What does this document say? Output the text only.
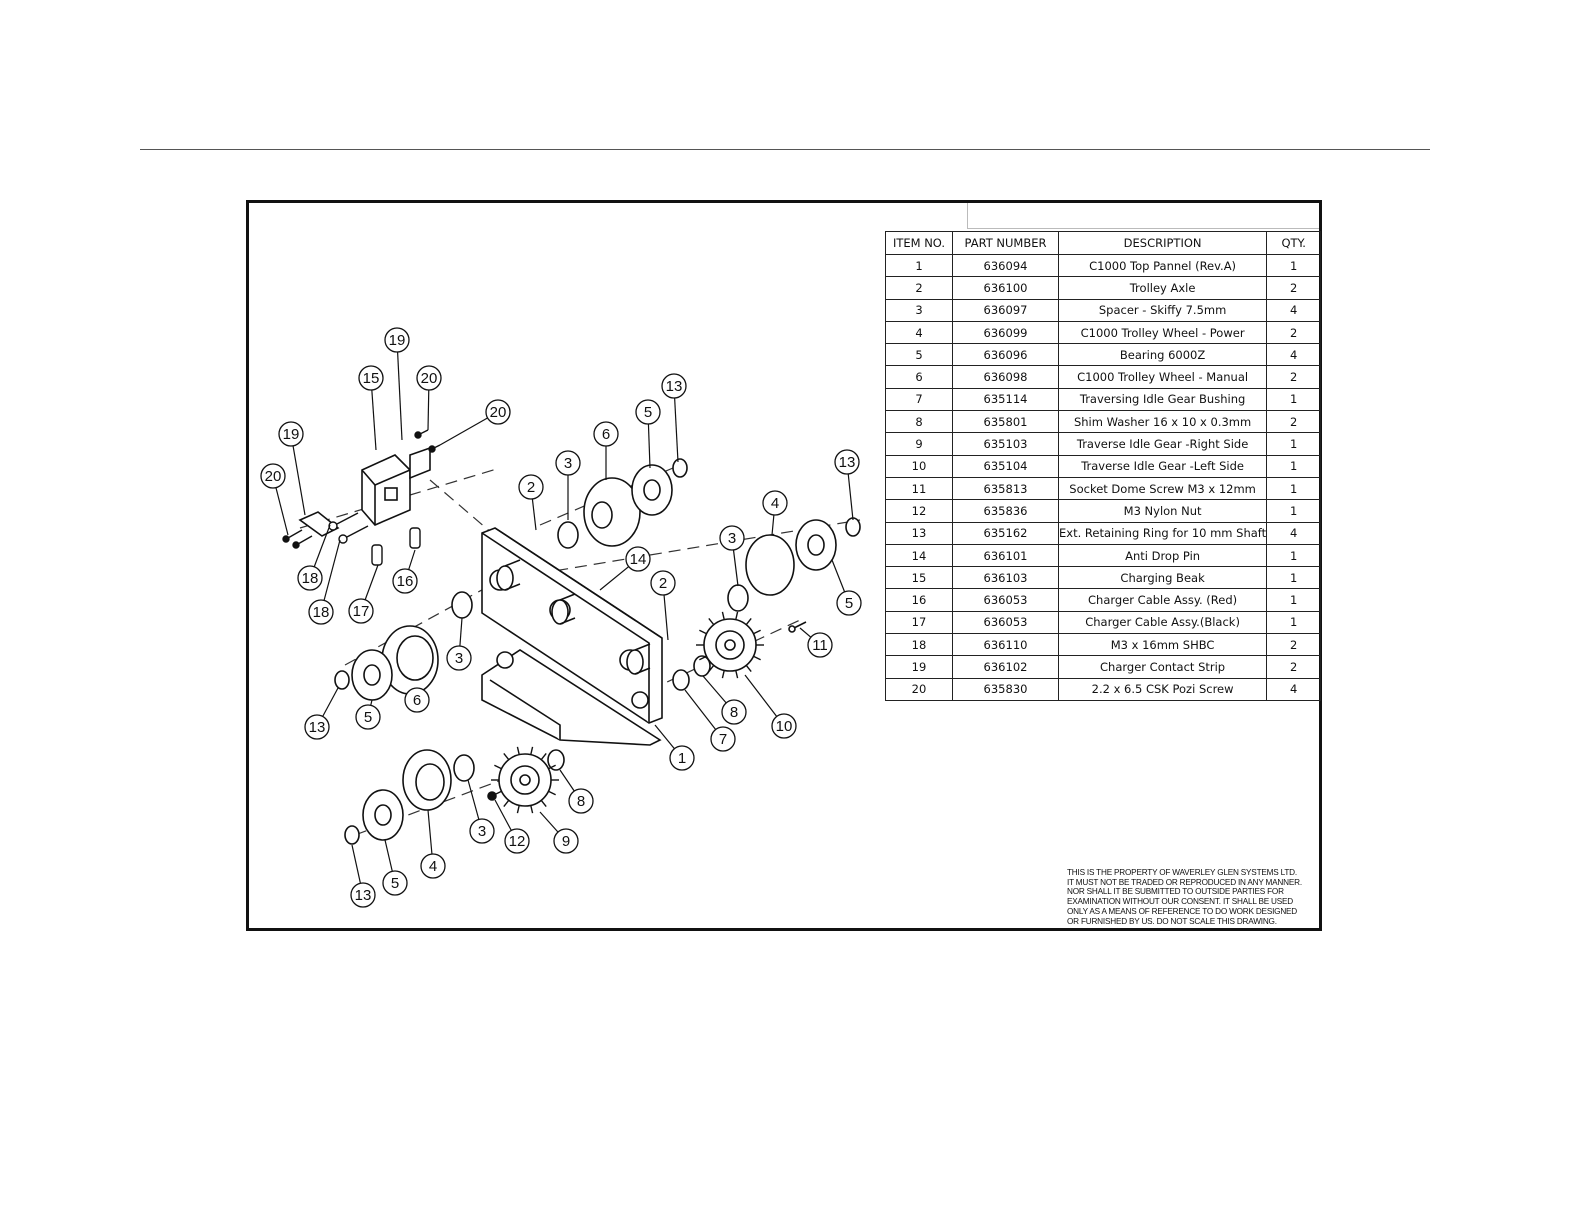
19
15	20
20
19
20
18
18 17
16
2
3
6
5
13
14
3
13
4
2
11
5
13
5
6
3
7
8
10
1
8
9
12
3
4
5
13
ITEM NO.	PART NUMBER	DESCRIPTION	QTY.
1	636094	C1000 Top Pannel (Rev.A)	1
2	636100	Trolley Axle	2
3	636097	Spacer - Skiffy 7.5mm	4
4	636099	C1000 Trolley Wheel - Power	2
5	636096	Bearing 6000Z	4
6	636098	C1000 Trolley Wheel - Manual	2
7	635114	Traversing Idle Gear Bushing	1
8	635801	Shim Washer 16 x 10 x 0.3mm	2
9	635103	Traverse Idle Gear -Right Side	1
10	635104	Traverse Idle Gear -Left Side	1
11	635813	Socket Dome Screw M3 x 12mm	1
12	635836	M3 Nylon Nut	1
13	635162	Ext. Retaining Ring for 10 mm Shaft	4
14	636101	Anti Drop Pin	1
15	636103	Charging Beak	1
16	636053	Charger Cable Assy. (Red)	1
17	636053	Charger Cable Assy.(Black)	1
18	636110	M3 x 16mm SHBC	2
19	636102	Charger Contact Strip	2
20	635830	2.2 x 6.5 CSK Pozi Screw	4
THIS IS THE PROPERTY OF WAVERLEY GLEN SYSTEMS LTD.
IT MUST NOT BE TRADED OR REPRODUCED IN ANY MANNER.
NOR SHALL IT BE SUBMITTED TO OUTSIDE PARTIES FOR
EXAMINATION WITHOUT OUR CONSENT. IT SHALL BE USED
ONLY AS A MEANS OF REFERENCE TO DO WORK DESIGNED
OR FURNISHED BY US. DO NOT SCALE THIS DRAWING.
